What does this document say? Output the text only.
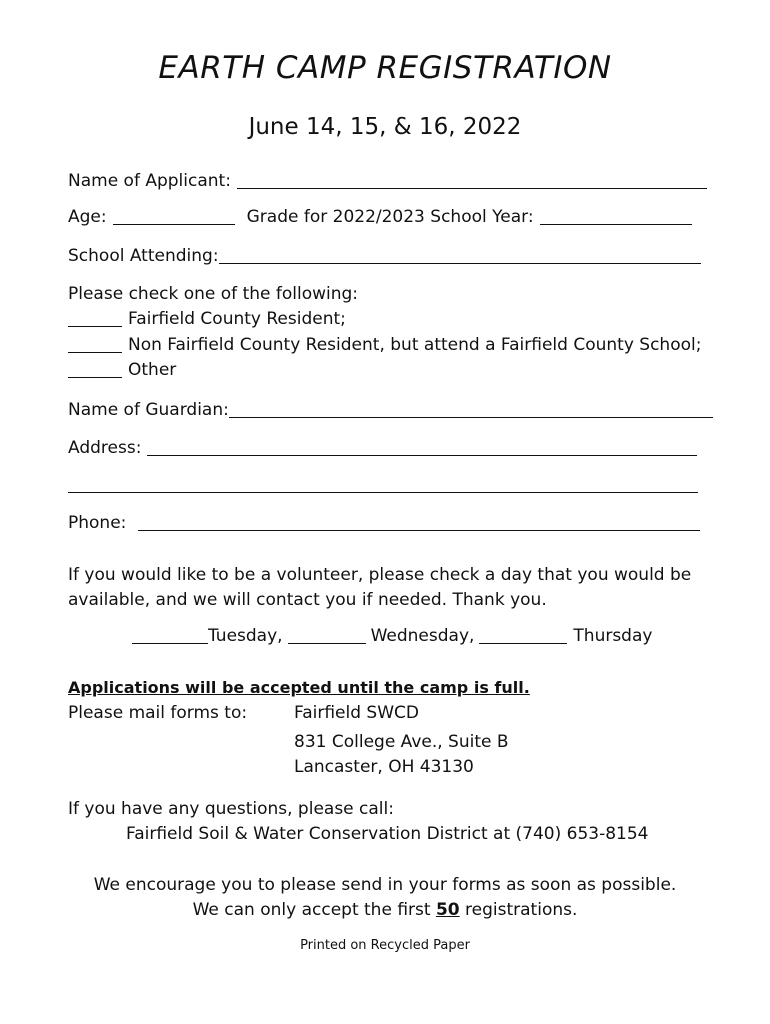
EARTH CAMP REGISTRATION
June 14, 15, & 16, 2022
Name of Applicant:
Age:	Grade for 2022/2023 School Year:
School Attending:
Please check one of the following:
Fairfield County Resident;
Non Fairfield County Resident, but attend a Fairfield County School;
Other
Name of Guardian:
Address:
Phone:
If you would like to be a volunteer, please check a day that you would be
available, and we will contact you if needed. Thank you.
Tuesday,	Wednesday,	Thursday
Applications will be accepted until the camp is full.
Please mail forms to:	Fairfield SWCD
831 College Ave., Suite B
Lancaster, OH 43130
If you have any questions, please call:
Fairfield Soil & Water Conservation District at (740) 653-8154
We encourage you to please send in your forms as soon as possible.
We can only accept the first 50 registrations.
Printed on Recycled Paper
